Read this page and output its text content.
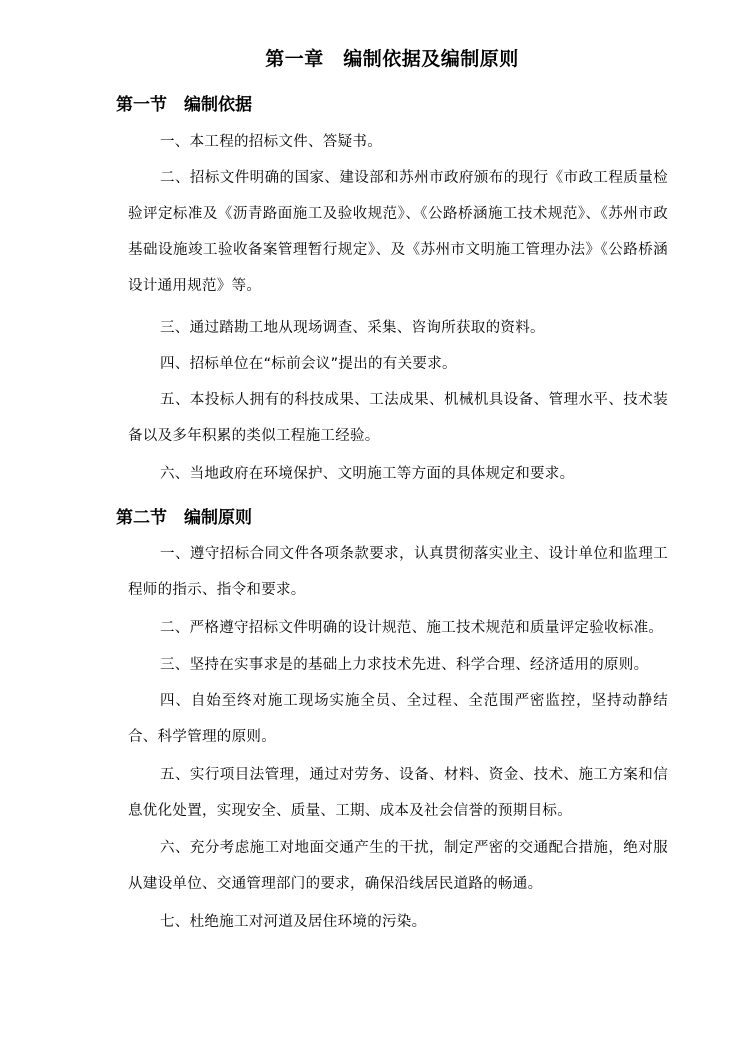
第一章　编制依据及编制原则
第一节　编制依据
一、本工程的招标文件、答疑书。
二、招标文件明确的国家、建设部和苏州市政府颁布的现行《市政工程质量检验评定标准及《沥青路面施工及验收规范》、《公路桥涵施工技术规范》、《苏州市政基础设施竣工验收备案管理暂行规定》、及《苏州市文明施工管理办法》《公路桥涵设计通用规范》等。
三、通过踏勘工地从现场调查、采集、咨询所获取的资料。
四、招标单位在“标前会议”提出的有关要求。
五、本投标人拥有的科技成果、工法成果、机械机具设备、管理水平、技术装备以及多年积累的类似工程施工经验。
六、当地政府在环境保护、文明施工等方面的具体规定和要求。
第二节　编制原则
一、遵守招标合同文件各项条款要求，认真贯彻落实业主、设计单位和监理工程师的指示、指令和要求。
二、严格遵守招标文件明确的设计规范、施工技术规范和质量评定验收标准。
三、坚持在实事求是的基础上力求技术先进、科学合理、经济适用的原则。
四、自始至终对施工现场实施全员、全过程、全范围严密监控，坚持动静结合、科学管理的原则。
五、实行项目法管理，通过对劳务、设备、材料、资金、技术、施工方案和信息优化处置，实现安全、质量、工期、成本及社会信誉的预期目标。
六、充分考虑施工对地面交通产生的干扰，制定严密的交通配合措施，绝对服从建设单位、交通管理部门的要求，确保沿线居民道路的畅通。
七、杜绝施工对河道及居住环境的污染。
